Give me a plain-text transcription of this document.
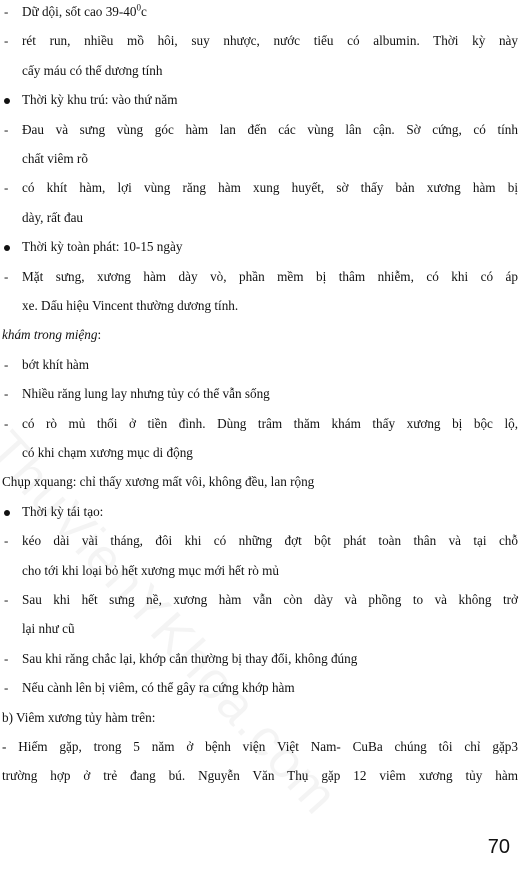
-	Dữ dội, sốt cao $39-40^0c$
-	rét run, nhiều mồ hôi, suy nhược, nước tiểu có albumin. Thời kỳ này
cấy máu có thể dương tính
Thời kỳ khu trú: vào thứ năm
-	Đau và sưng vùng góc hàm lan đến các vùng lân cận. Sờ cứng, có tính
chất viêm rõ
-	có khít hàm, lợi vùng răng hàm xung huyết, sờ thấy bản xương hàm bị
dày, rất đau
Thời kỳ toàn phát: 10-15 ngày
-	Mặt sưng, xương hàm dày vò, phần mềm bị thâm nhiễm, có khi có áp
xe. Dấu hiệu Vincent thường dương tính.
khám trong miệng:
-	bớt khít hàm
-	Nhiều răng lung lay nhưng tủy có thể vẫn sống
-	có rò mủ thối ở tiền đình. Dùng trâm thăm khám thấy xương bị bộc lộ,
có khi chạm xương mục di động
Chụp xquang: chỉ thấy xương mất vôi, không đều, lan rộng
Thời kỳ tái tạo:
-	kéo dài vài tháng, đôi khi có những đợt bột phát toàn thân và tại chỗ
cho tới khi loại bỏ hết xương mục mới hết rò mủ
-	Sau khi hết sưng nề, xương hàm vẫn còn dày và phồng to và không trở
lại như cũ
-	Sau khi răng chắc lại, khớp cắn thường bị thay đổi, không đúng
-	Nếu cành lên bị viêm, có thể gây ra cứng khớp hàm
b) Viêm xương tủy hàm trên:
- Hiếm gặp, trong 5 năm ở bệnh viện Việt Nam- CuBa chúng tôi chỉ gặp3
trường hợp ở trẻ đang bú. Nguyễn Văn Thụ gặp 12 viêm xương tủy hàm
70
